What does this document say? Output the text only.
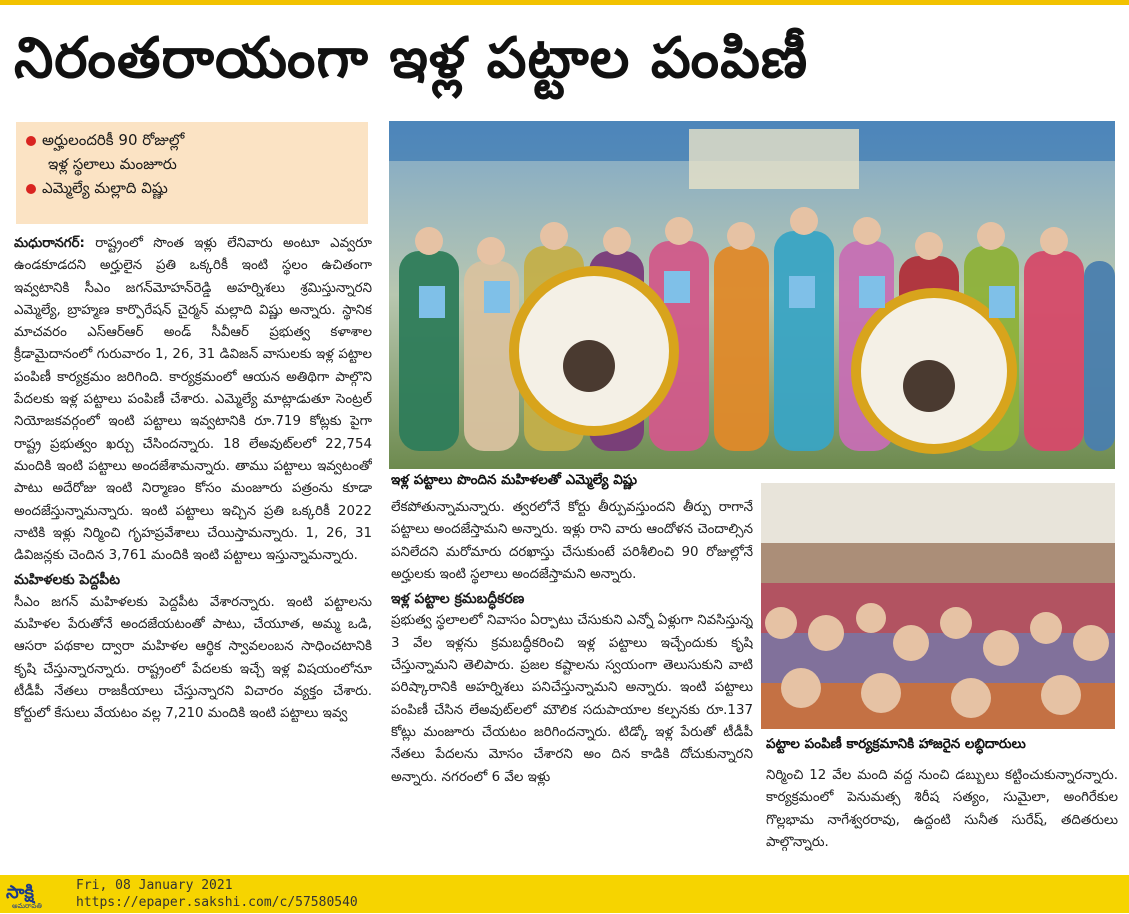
నిరంతరాయంగా ఇళ్ల పట్టాల పంపిణీ
అర్హులందరికీ 90 రోజుల్లో
ఇళ్ల స్థలాలు మంజూరు
ఎమ్మెల్యే మల్లాది విష్ణు

మధురానగర్: రాష్ట్రంలో సొంత ఇళ్లు లేనివారు అంటూ ఎవ్వరూ ఉండకూడదని అర్హులైన ప్రతి ఒక్కరికీ ఇంటి స్థలం ఉచితంగా ఇవ్వటానికి సీఎం జగన్‌మోహన్‌రెడ్డి అహర్నిశలు శ్రమిస్తున్నారని ఎమ్మెల్యే, బ్రాహ్మణ కార్పొరేషన్ చైర్మన్ మల్లాది విష్ణు అన్నారు. స్థానిక మాచవరం ఎస్ఆర్ఆర్ అండ్ సీవీఆర్ ప్రభుత్వ కళాశాల క్రీడామైదానంలో గురువారం 1, 26, 31 డివిజన్ వాసులకు ఇళ్ల పట్టాల పంపిణీ కార్యక్రమం జరిగింది. కార్యక్రమంలో ఆయన అతిథిగా పాల్గొని పేదలకు ఇళ్ల పట్టాలు పంపిణీ చేశారు. ఎమ్మెల్యే మాట్లాడుతూ సెంట్రల్ నియోజకవర్గంలో ఇంటి పట్టాలు ఇవ్వటానికి రూ.719 కోట్లకు పైగా రాష్ట్ర ప్రభుత్వం ఖర్చు చేసిందన్నారు. 18 లేఅవుట్‌లలో 22,754 మందికి ఇంటి పట్టాలు అందజేశామన్నారు. తాము పట్టాలు ఇవ్వటంతో పాటు అదేరోజు ఇంటి నిర్మాణం కోసం మంజూరు పత్రంను కూడా అందజేస్తున్నామన్నారు. ఇంటి పట్టాలు ఇచ్చిన ప్రతి ఒక్కరికీ 2022 నాటికి ఇళ్లు నిర్మించి గృహప్రవేశాలు చేయిస్తామన్నారు. 1, 26, 31 డివిజన్లకు చెందిన 3,761 మందికి ఇంటి పట్టాలు ఇస్తున్నామన్నారు.

మహిళలకు పెద్దపీట

సీఎం జగన్ మహిళలకు పెద్దపీట వేశారన్నారు. ఇంటి పట్టాలను మహిళల పేరుతోనే అందజేయటంతో పాటు, చేయూత, అమ్మ ఒడి, ఆసరా పథకాల ద్వారా మహిళల ఆర్థిక స్వావలంబన సాధించటానికి కృషి చేస్తున్నారన్నారు. రాష్ట్రంలో పేదలకు ఇచ్చే ఇళ్ల విషయంలోనూ టీడీపీ నేతలు రాజకీయాలు చేస్తున్నారని విచారం వ్యక్తం చేశారు. కోర్టులో కేసులు వేయటం వల్ల 7,210 మందికి ఇంటి పట్టాలు ఇవ్వ

ఇళ్ల పట్టాలు పొందిన మహిళలతో ఎమ్మెల్యే విష్ణు

లేకపోతున్నామన్నారు. త్వరలోనే కోర్టు తీర్పువస్తుందని తీర్పు రాగానే పట్టాలు అందజేస్తామని అన్నారు. ఇళ్లు రాని వారు ఆందోళన చెందాల్సిన పనిలేదని మరోమారు దరఖాస్తు చేసుకుంటే పరిశీలించి 90 రోజుల్లోనే అర్హులకు ఇంటి స్థలాలు అందజేస్తామని అన్నారు.

ఇళ్ల పట్టాల క్రమబద్ధీకరణ

ప్రభుత్వ స్థలాలలో నివాసం ఏర్పాటు చేసుకుని ఎన్నో ఏళ్లుగా నివసిస్తున్న 3 వేల ఇళ్లను క్రమబద్ధీకరించి ఇళ్ల పట్టాలు ఇచ్చేందుకు కృషి చేస్తున్నామని తెలిపారు. ప్రజల కష్టాలను స్వయంగా తెలుసుకుని వాటి పరిష్కారానికి అహర్నిశలు పనిచేస్తున్నామని అన్నారు. ఇంటి పట్టాలు పంపిణీ చేసిన లేఅవుట్‌లలో మౌలిక సదుపాయాల కల్పనకు రూ.137 కోట్లు మంజూరు చేయటం జరిగిందన్నారు. టిడ్కో ఇళ్ల పేరుతో టీడీపీ నేతలు పేదలను మోసం చేశారని అం దిన కాడికి దోచుకున్నారని అన్నారు. నగరంలో 6 వేల ఇళ్లు

పట్టాల పంపిణీ కార్యక్రమానికి హాజరైన లబ్ధిదారులు

నిర్మించి 12 వేల మంది వద్ద నుంచి డబ్బులు కట్టించుకున్నారన్నారు. కార్యక్రమంలో పెనుమత్స శిరీష సత్యం, సుమైలా, అంగిరేకుల గొల్లభామ నాగేశ్వరరావు, ఉద్దంటి సునీత సురేష్, తదితరులు పాల్గొన్నారు.

సాక్షి
అమరావతి
Fri, 08 January 2021
https://epaper.sakshi.com/c/57580540
